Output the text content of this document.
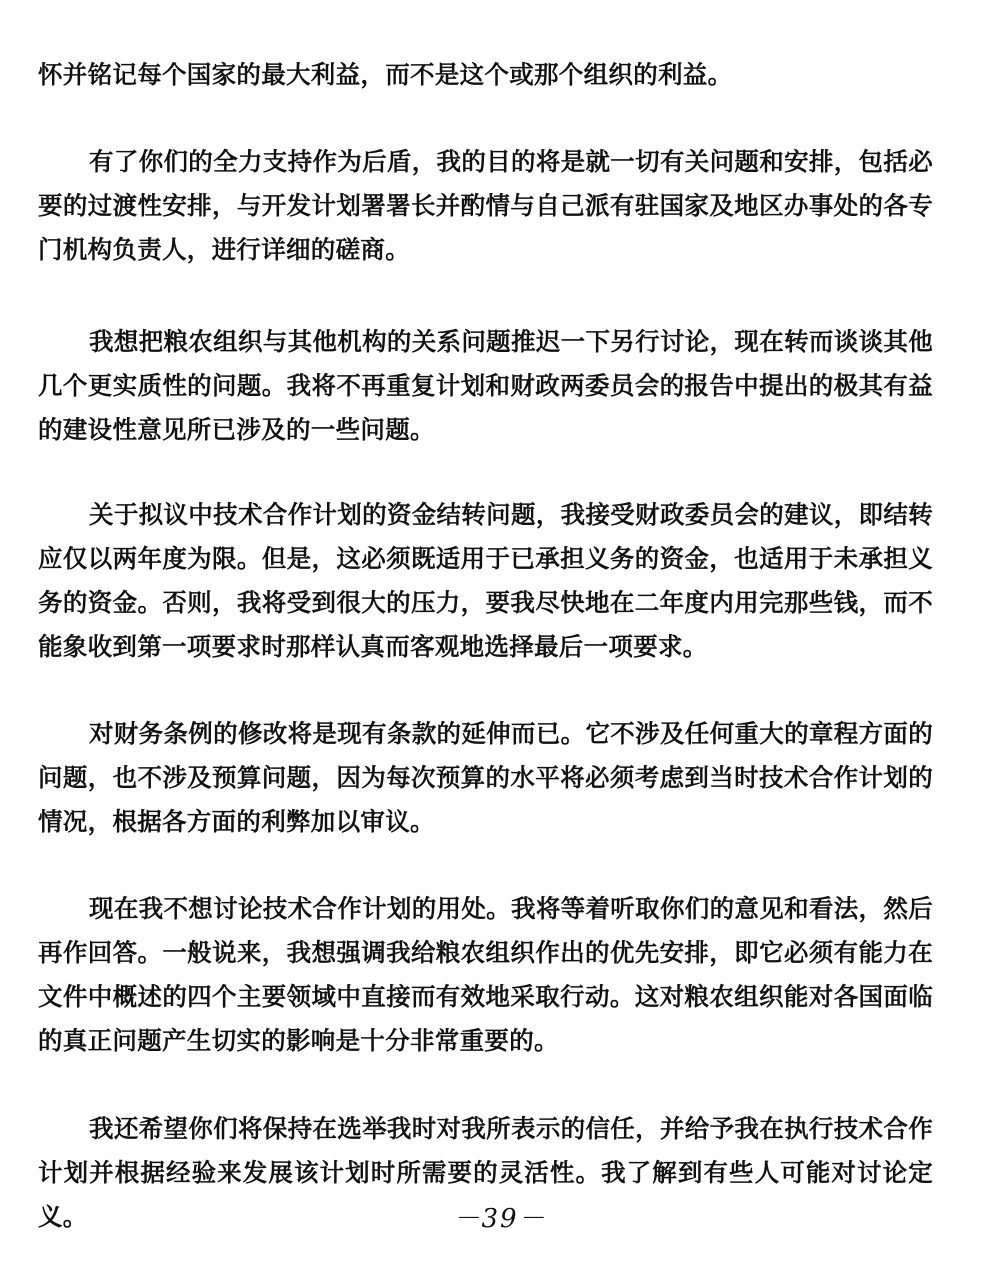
怀并铭记每个国家的最大利益，而不是这个或那个组织的利益。

有了你们的全力支持作为后盾，我的目的将是就一切有关问题和安排，包括必要的过渡性安排，与开发计划署署长并酌情与自己派有驻国家及地区办事处的各专门机构负责人，进行详细的磋商。

我想把粮农组织与其他机构的关系问题推迟一下另行讨论，现在转而谈谈其他几个更实质性的问题。我将不再重复计划和财政两委员会的报告中提出的极其有益的建设性意见所已涉及的一些问题。

关于拟议中技术合作计划的资金结转问题，我接受财政委员会的建议，即结转应仅以两年度为限。但是，这必须既适用于已承担义务的资金，也适用于未承担义务的资金。否则，我将受到很大的压力，要我尽快地在二年度内用完那些钱，而不能象收到第一项要求时那样认真而客观地选择最后一项要求。

对财务条例的修改将是现有条款的延伸而已。它不涉及任何重大的章程方面的问题，也不涉及预算问题，因为每次预算的水平将必须考虑到当时技术合作计划的情况，根据各方面的利弊加以审议。

现在我不想讨论技术合作计划的用处。我将等着听取你们的意见和看法，然后再作回答。一般说来，我想强调我给粮农组织作出的优先安排，即它必须有能力在文件中概述的四个主要领域中直接而有效地采取行动。这对粮农组织能对各国面临的真正问题产生切实的影响是十分非常重要的。

我还希望你们将保持在选举我时对我所表示的信任，并给予我在执行技术合作计划并根据经验来发展该计划时所需要的灵活性。我了解到有些人可能对讨论定义。	－39－
